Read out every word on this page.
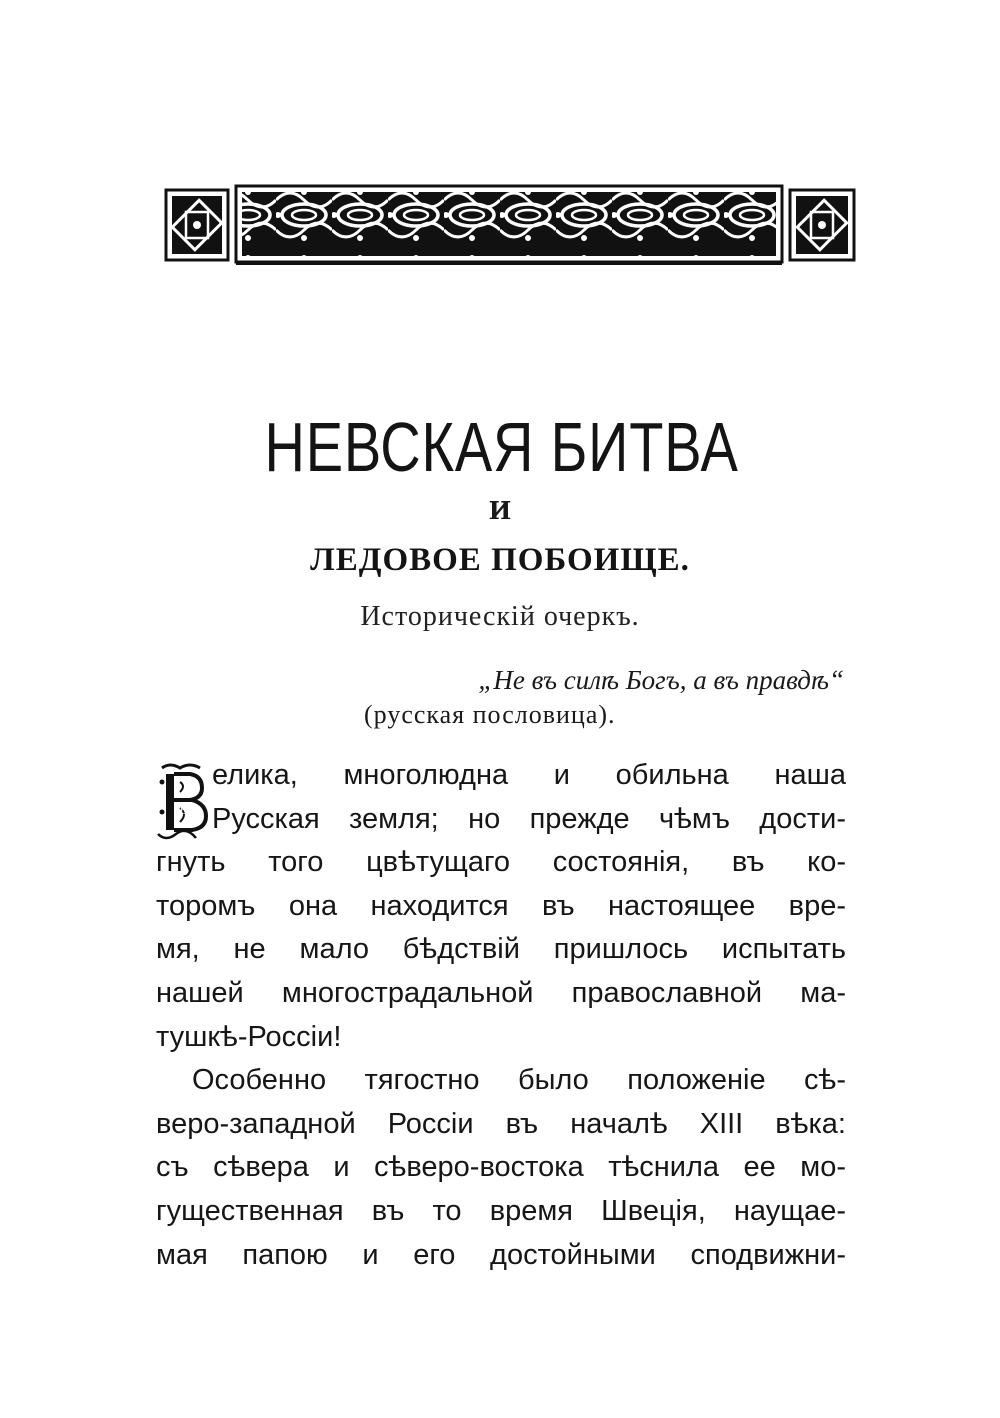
НЕВСКАЯ БИТВА
И
ЛЕДОВОЕ ПОБОИЩЕ.
Историческій очеркъ.
„Не въ силѣ Богъ, а въ правдѣ“
(русская пословица).
В
елика, многолюдна и обильна наша
Русская земля; но прежде чѣмъ дости-
гнуть того цвѣтущаго состоянія, въ ко-
торомъ она находится въ настоящее вре-
мя, не мало бѣдствій пришлось испытать
нашей многострадальной православной ма-
тушкѣ-Россіи!
Особенно тягостно было положеніе сѣ-
веро-западной Россіи въ началѣ XIII вѣка:
съ сѣвера и сѣверо-востока тѣснила ее мо-
гущественная въ то время Швеція, наущае-
мая папою и его достойными сподвижни-
